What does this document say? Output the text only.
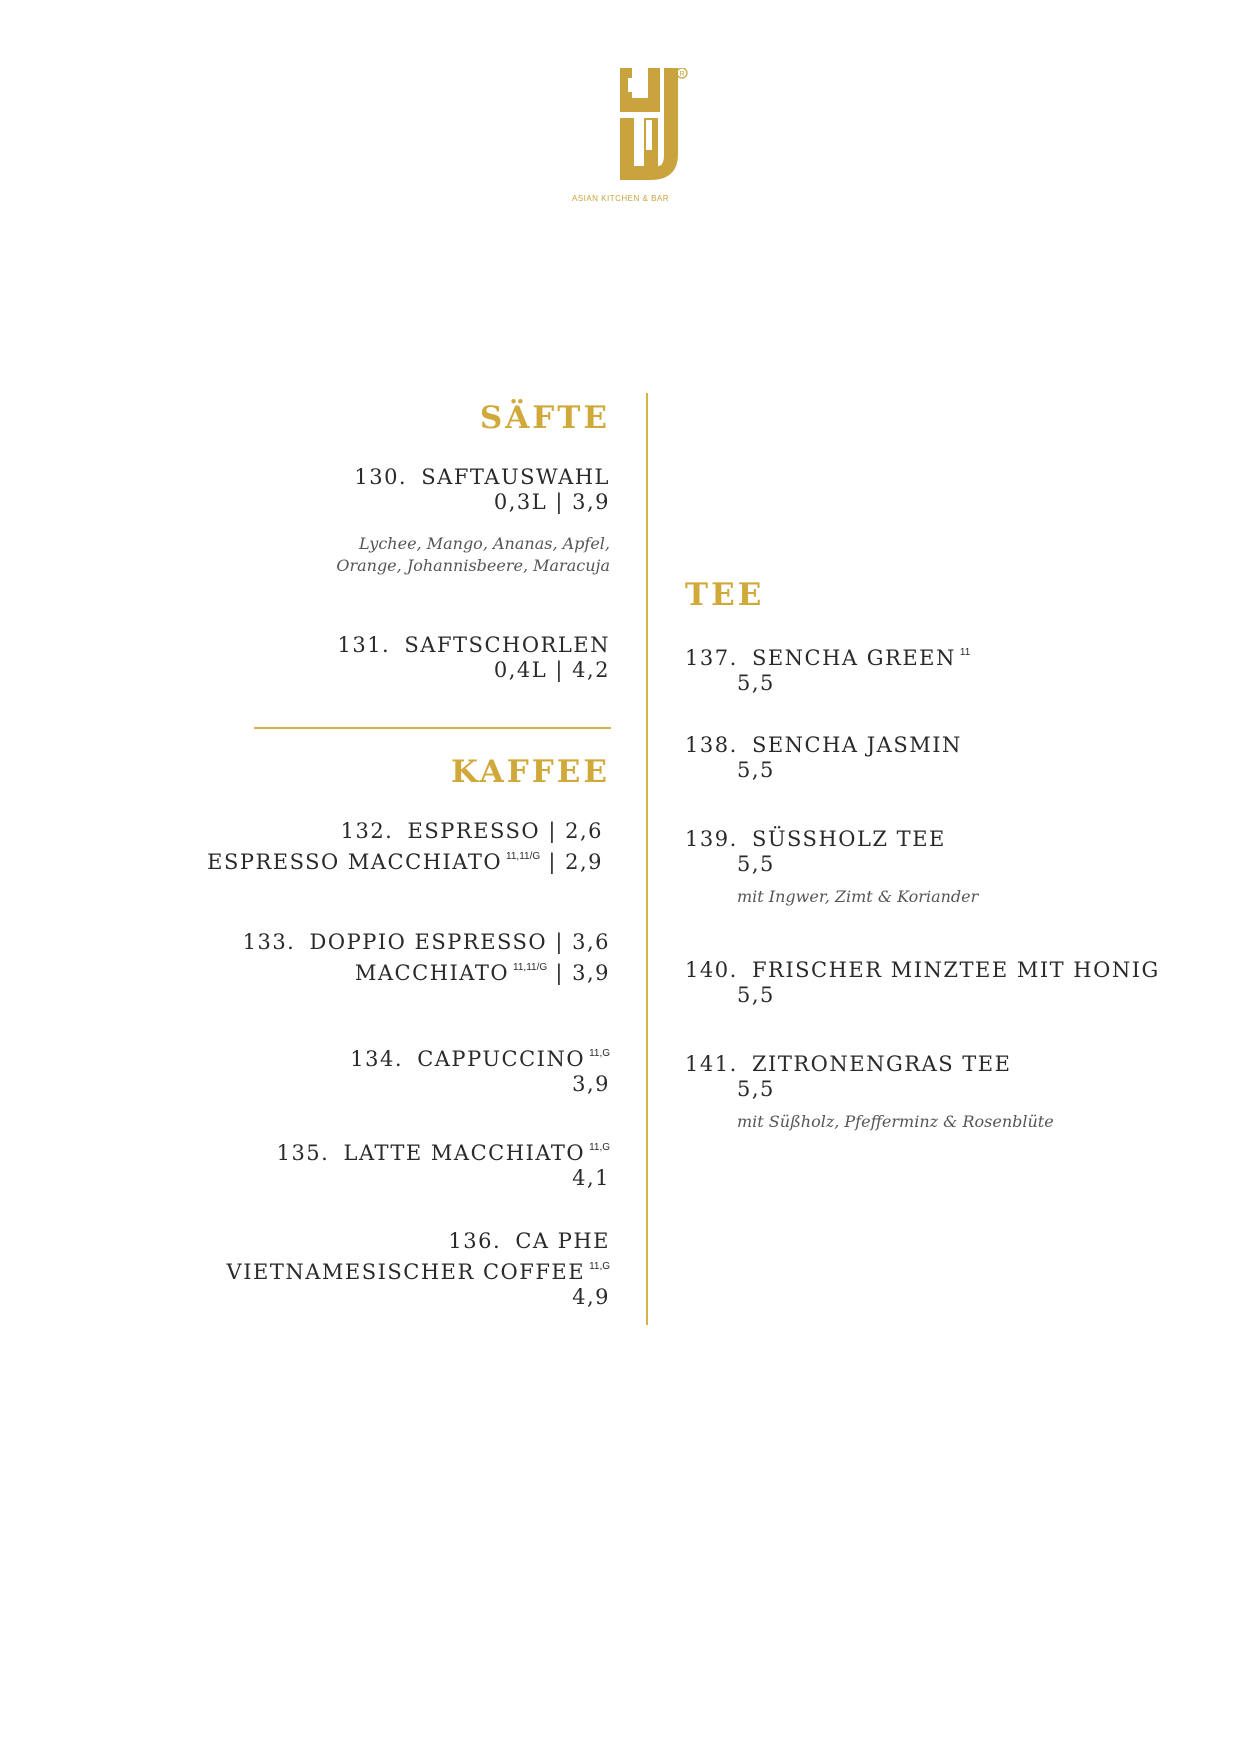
R
ASIAN KITCHEN & BAR
SÄFTE
130. SAFTAUSWAHL
0,3L | 3,9
Lychee, Mango, Ananas, Apfel,
Orange, Johannisbeere, Maracuja
131. SAFTSCHORLEN
0,4L | 4,2
KAFFEE
132. ESPRESSO | 2,6
ESPRESSO MACCHIATO $^{11,11/G}$ | 2,9
133. DOPPIO ESPRESSO | 3,6
MACCHIATO $^{11,11/G}$ | 3,9
134. CAPPUCCINO $^{11,G}$
3,9
135. LATTE MACCHIATO $^{11,G}$
4,1
136. CA PHE
VIETNAMESISCHER COFFEE $^{11,G}$
4,9
TEE
137. SENCHA GREEN $^{11}$
5,5
138. SENCHA JASMIN
5,5
139. SÜSSHOLZ TEE
5,5
mit Ingwer, Zimt & Koriander
140. FRISCHER MINZTEE MIT HONIG
5,5
141. ZITRONENGRAS TEE
5,5
mit Süßholz, Pfefferminz & Rosenblüte
